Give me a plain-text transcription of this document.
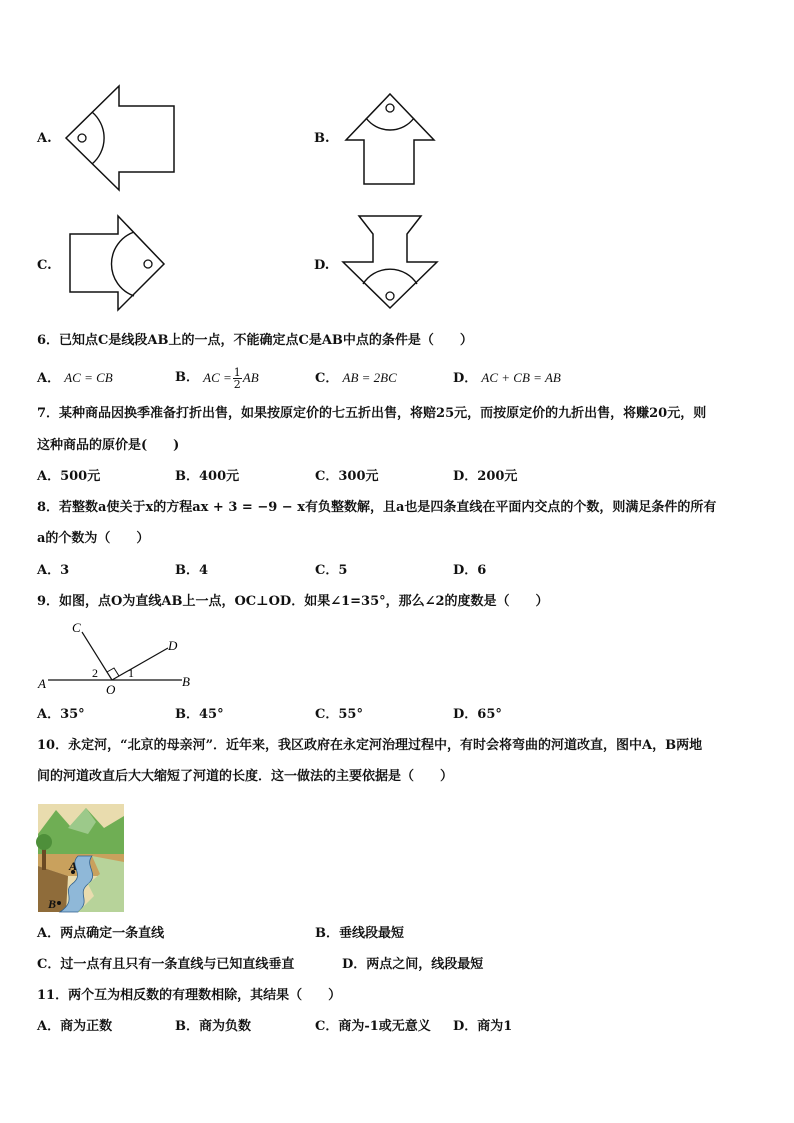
A.	B.
C.	D.
6．已知点C是线段AB上的一点，不能确定点C是AB中点的条件是（　　）
A． AC = CB	B．
AC = $\frac{1}{2}$ AB	C． AB = 2BC	D． AC + CB = AB
7．某种商品因换季准备打折出售，如果按原定价的七五折出售，将赔25元，而按原定价的九折出售，将赚20元，则
这种商品的原价是(　　)
A．500元	B．400元	C．300元	D．200元
8．若整数a使关于x的方程ax + 3 = −9 − x有负整数解，且a也是四条直线在平面内交点的个数，则满足条件的所有
a的个数为（　　）
A．3	B．4	C．5	D．6
9．如图，点O为直线AB上一点，OC⊥OD．如果∠1=35°，那么∠2的度数是（　　）
C
D
A	O
B
2	1
A．35°	B．45°	C．55°	D．65°
10．永定河，“北京的母亲河”．近年来，我区政府在永定河治理过程中，有时会将弯曲的河道改直，图中A，B两地
间的河道改直后大大缩短了河道的长度．这一做法的主要依据是（　　）
A
B
A．两点确定一条直线	B．垂线段最短
C．过一点有且只有一条直线与已知直线垂直	D．两点之间，线段最短
11．两个互为相反数的有理数相除，其结果（　　）
A．商为正数	B．商为负数	C．商为-1或无意义 D．商为1
